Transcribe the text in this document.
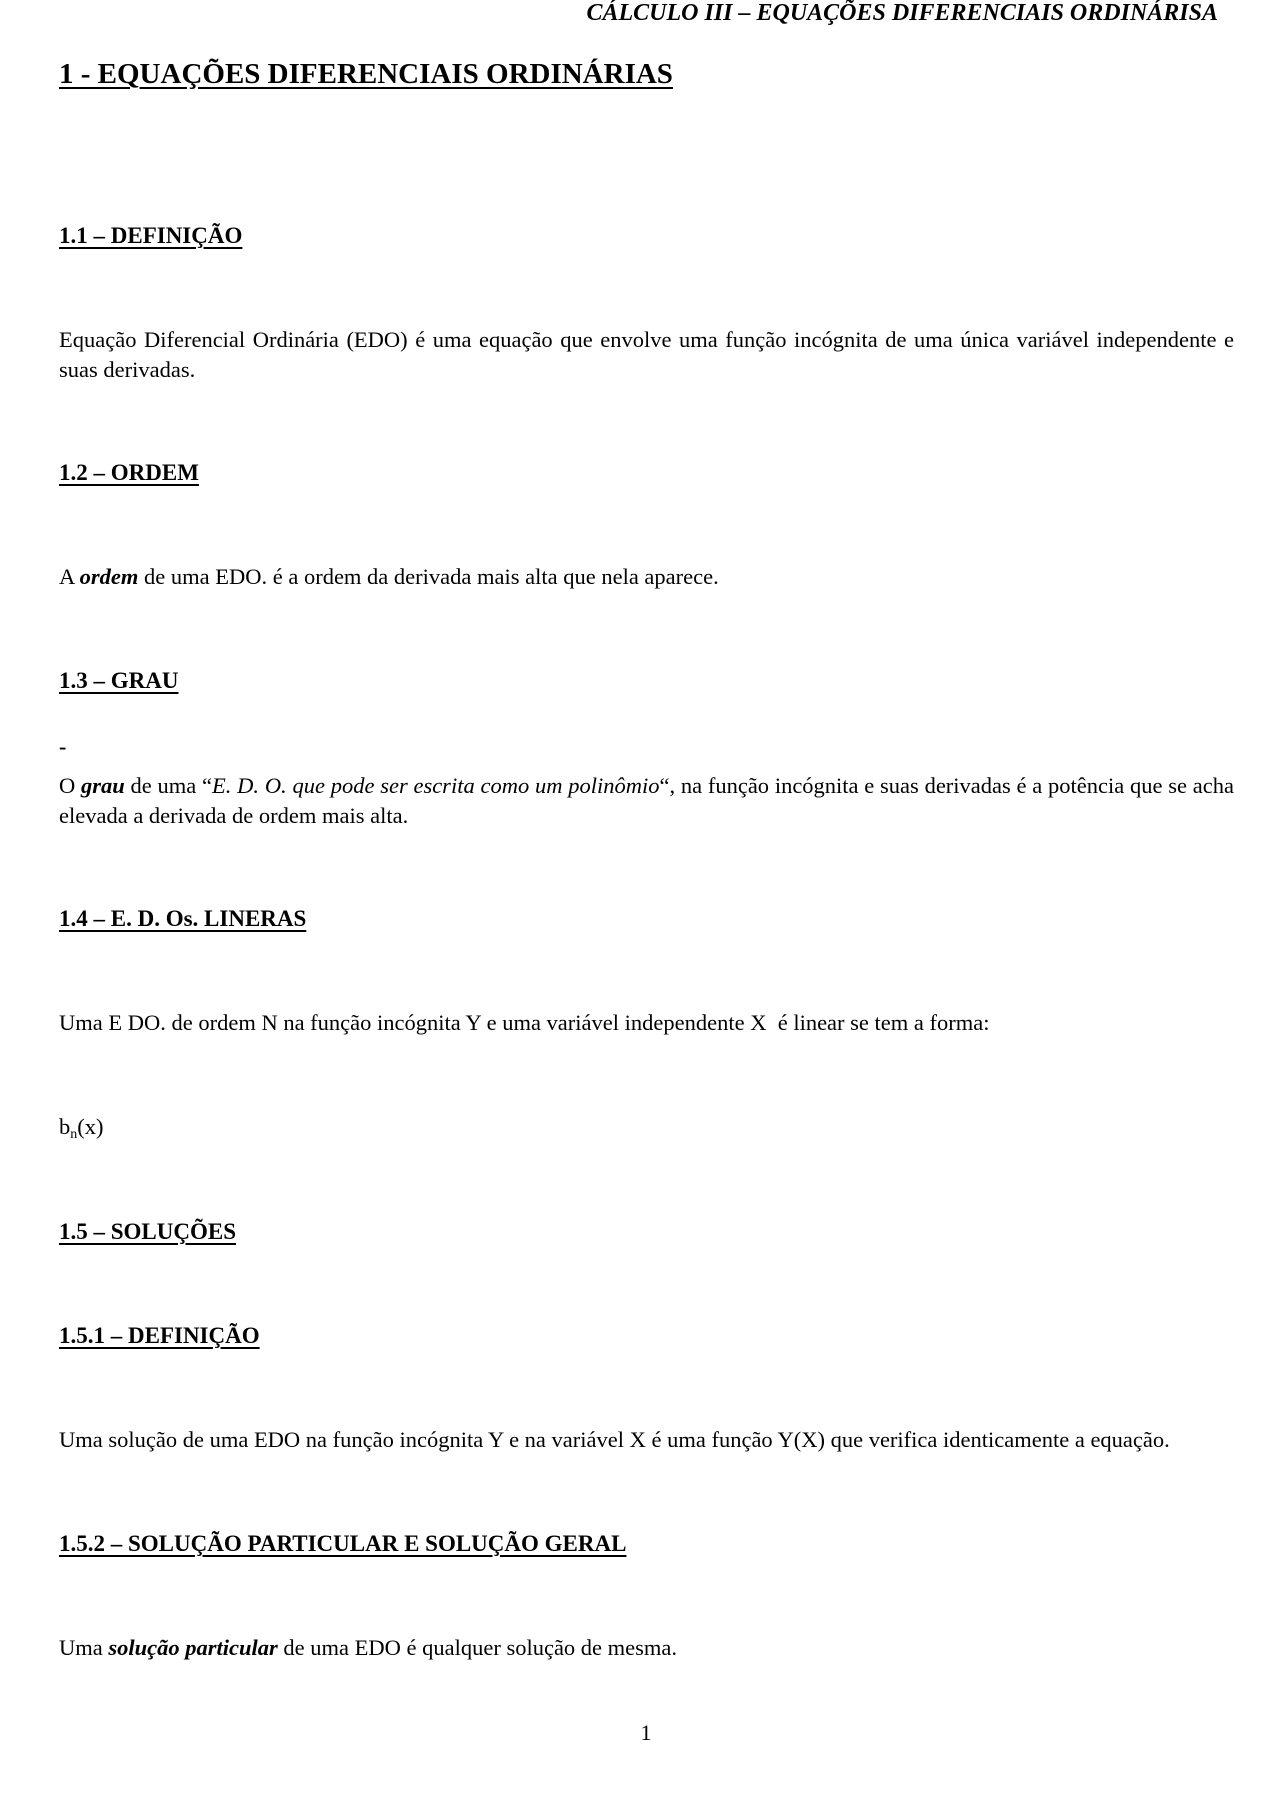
CÁLCULO III – EQUAÇÕES DIFERENCIAIS ORDINÁRISA
1 - EQUAÇÕES DIFERENCIAIS ORDINÁRIAS
1.1 – DEFINIÇÃO

Equação Diferencial Ordinária (EDO) é uma equação que envolve uma função incógnita de uma única variável independente e suas derivadas.

1.2 – ORDEM

A ordem de uma EDO. é a ordem da derivada mais alta que nela aparece.

1.3 – GRAU
-

O grau de uma “E. D. O. que pode ser escrita como um polinômio“, na função incógnita e suas derivadas é a potência que se acha elevada a derivada de ordem mais alta.

1.4 – E. D. Os. LINERAS

Uma E DO. de ordem N na função incógnita Y e uma variável independente X  é linear se tem a forma:

$b_n(x)$
1.5 – SOLUÇÕES
1.5.1 – DEFINIÇÃO

Uma solução de uma EDO na função incógnita Y e na variável X é uma função Y(X) que verifica identicamente a equação.

1.5.2 – SOLUÇÃO PARTICULAR E SOLUÇÃO GERAL

Uma solução particular de uma EDO é qualquer solução de mesma.

1
